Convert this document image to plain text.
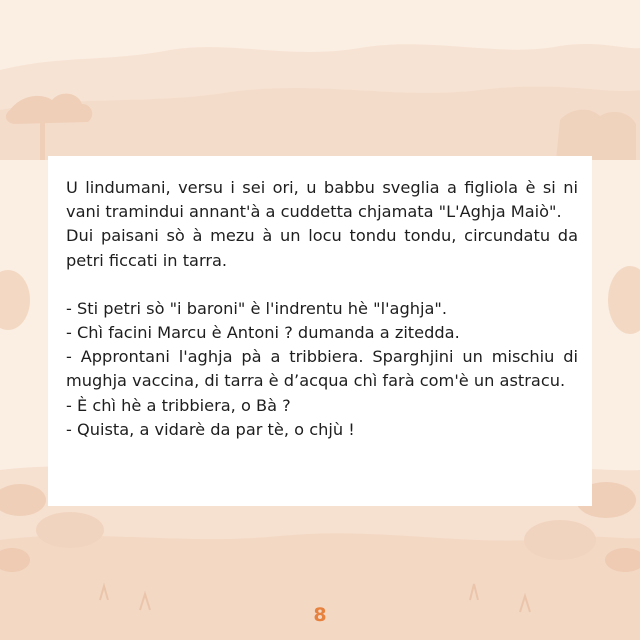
U lindumani, versu i sei ori, u babbu sveglia a figliola è si ni vani tramindui annant'à a cuddetta chjamata "L'Aghja Maiò".

Dui paisani sò à mezu à un locu tondu tondu, circundatu da petri ficcati in tarra.

- Sti petri sò "i baroni" è l'indrentu hè "l'aghja".

- Chì facini Marcu è Antoni ? dumanda a zitedda.

- Approntani l'aghja pà a tribbiera. Sparghjini un mischiu di mughja vaccina, di tarra è d’acqua chì farà com'è un astracu.

- È chì hè a tribbiera, o Bà ?

- Quista, a vidarè da par tè, o chjù !

8
